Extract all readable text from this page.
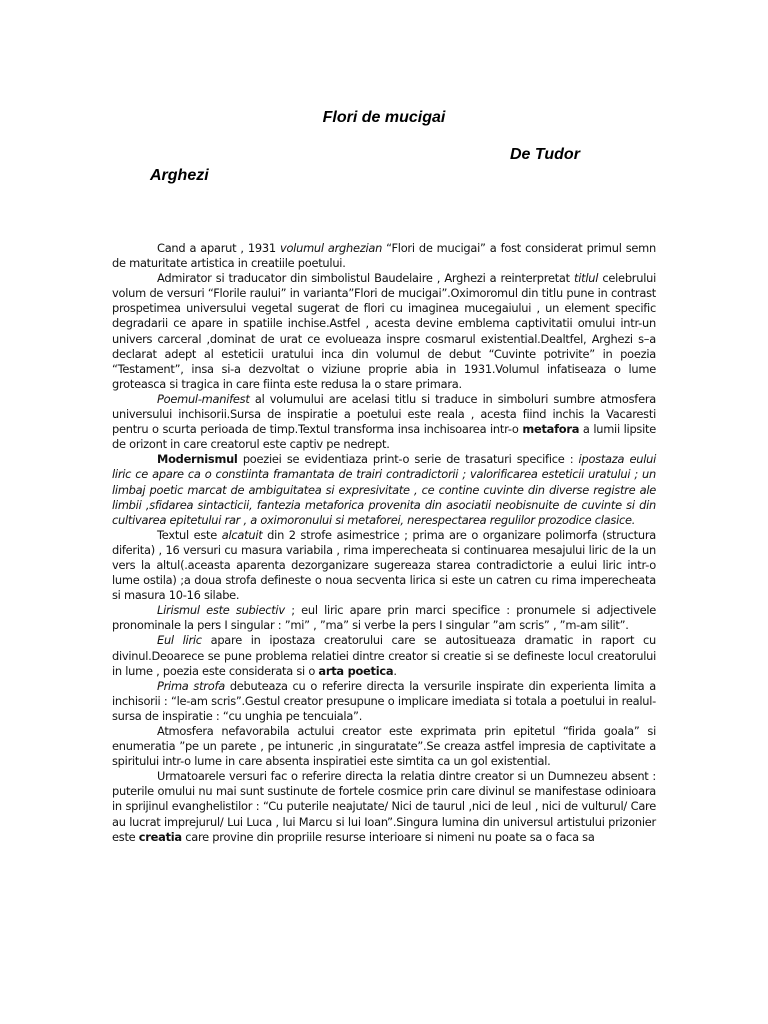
Flori de mucigai
De Tudor
Arghezi

Cand a aparut , 1931 volumul arghezian “Flori de mucigai” a fost considerat primul semn de maturitate artistica in creatiile poetului.

Admirator si traducator din simbolistul Baudelaire , Arghezi a reinterpretat titlul celebrului volum de versuri “Florile raului” in varianta”Flori de mucigai”.Oximoromul din titlu pune in contrast prospetimea universului vegetal sugerat de flori cu imaginea mucegaiului , un element specific degradarii ce apare in spatiile inchise.Astfel , acesta devine emblema captivitatii omului intr-un univers carceral ,dominat de urat ce evolueaza inspre cosmarul existential.Dealtfel, Arghezi s–a declarat adept al esteticii uratului inca din volumul de debut “Cuvinte potrivite” in poezia “Testament”, insa si-a dezvoltat o viziune proprie abia in 1931.Volumul infatiseaza o lume groteasca si tragica in care fiinta este redusa la o stare primara.

Poemul-manifest al volumului are acelasi titlu si traduce in simboluri sumbre atmosfera universului inchisorii.Sursa de inspiratie a poetului este reala , acesta fiind inchis la Vacaresti pentru o scurta perioada de timp.Textul transforma insa inchisoarea intr-o metafora a lumii lipsite de orizont in care creatorul este captiv pe nedrept.

Modernismul poeziei se evidentiaza print-o serie de trasaturi specifice : ipostaza eului liric ce apare ca o constiinta framantata de trairi contradictorii ; valorificarea esteticii uratului ; un limbaj poetic marcat de ambiguitatea si expresivitate , ce contine cuvinte din diverse registre ale limbii ,sfidarea sintacticii, fantezia metaforica provenita din asociatii neobisnuite de cuvinte si din cultivarea epitetului rar , a oximoronului si metaforei, nerespectarea regulilor prozodice clasice.

Textul este alcatuit din 2 strofe asimestrice ; prima are o organizare polimorfa (structura diferita) , 16 versuri cu masura variabila , rima imperecheata si continuarea mesajului liric de la un vers la altul(.aceasta aparenta dezorganizare sugereaza starea contradictorie a eului liric intr-o lume ostila) ;a doua strofa defineste o noua secventa lirica si este un catren cu rima imperecheata si masura 10-16 silabe.

Lirismul este subiectiv ; eul liric apare prin marci specifice : pronumele si adjectivele pronominale la pers I singular : ”mi” , ”ma” si verbe la pers I singular ”am scris” , ”m-am silit”.

Eul liric apare in ipostaza creatorului care se autositueaza dramatic in raport cu divinul.Deoarece se pune problema relatiei dintre creator si creatie si se defineste locul creatorului in lume , poezia este considerata si o arta poetica.

Prima strofa debuteaza cu o referire directa la versurile inspirate din experienta limita a inchisorii : “le-am scris”.Gestul creator presupune o implicare imediata si totala a poetului in realul-sursa de inspiratie : “cu unghia pe tencuiala”.

Atmosfera nefavorabila actului creator este exprimata prin epitetul “firida goala” si enumeratia ”pe un parete , pe intuneric ,in singuratate”.Se creaza astfel impresia de captivitate a spiritului intr-o lume in care absenta inspiratiei este simtita ca un gol existential.

Urmatoarele versuri fac o referire directa la relatia dintre creator si un Dumnezeu absent : puterile omului nu mai sunt sustinute de fortele cosmice prin care divinul se manifestase odinioara in sprijinul evanghelistilor : “Cu puterile neajutate/ Nici de taurul ,nici de leul , nici de vulturul/ Care au lucrat imprejurul/ Lui Luca , lui Marcu si lui Ioan”.Singura lumina din universul artistului prizonier este creatia care provine din propriile resurse interioare si nimeni nu poate sa o faca sa
